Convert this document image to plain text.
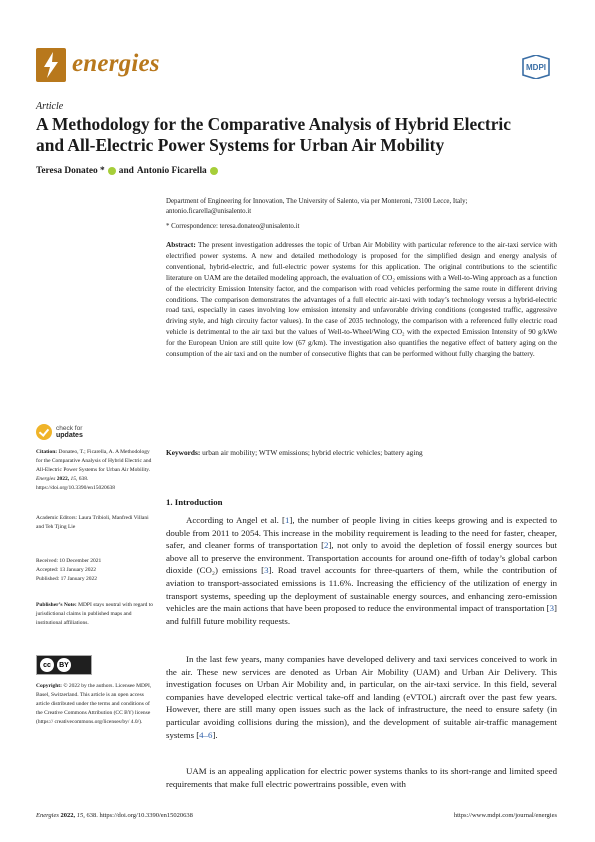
energies	MDPI
Article
A Methodology for the Comparative Analysis of Hybrid Electric
and All-Electric Power Systems for Urban Air Mobility
Teresa Donateo * and Antonio Ficarella
Department of Engineering for Innovation, The University of Salento, via per Monteroni, 73100 Lecce, Italy;
antonio.ficarella@unisalento.it
* Correspondence: teresa.donateo@unisalento.it
Abstract: The present investigation addresses the topic of Urban Air Mobility with particular reference to the air-taxi service with electrified power systems. A new and detailed methodology is proposed for the simplified design and energy analysis of conventional, hybrid-electric, and full-electric power systems for this application. The original contributions to the scientific literature on UAM are the detailed modeling approach, the evaluation of CO₂ emissions with a Well-to-Wing approach as a function of the electricity Emission Intensity factor, and the comparison with road vehicles performing the same route in different driving conditions. The comparison demonstrates the advantages of a full electric air-taxi with today’s technology versus a hybrid-electric road taxi, especially in cases involving low emission intensity and unfavorable driving conditions (congested traffic, aggressive driving style, and high circuity factor values). In the case of 2035 technology, the comparison with a referenced fully electric road vehicle is detrimental to the air taxi but the values of Well-to-Wheel/Wing CO₂ with the expected Emission Intensity of 90 g/kWe for the European Union are still quite low (67 g/km). The investigation also quantifies the negative effect of battery aging on the consumption of the air taxi and on the number of consecutive flights that can be performed without fully charging the battery.
Keywords: urban air mobility; WTW emissions; hybrid electric vehicles; battery aging
check for
updates
Citation: Donateo, T.; Ficarella, A. A Methodology for the Comparative Analysis of Hybrid Electric and All-Electric Power Systems for Urban Air Mobility. Energies 2022, 15, 638. https://doi.org/10.3390/en15020638
Academic Editors: Laura Tribioli, Manfredi Villani and Teh Tjing Lie
Received: 10 December 2021
Accepted: 13 January 2022
Published: 17 January 2022
Publisher’s Note: MDPI stays neutral with regard to jurisdictional claims in published maps and institutional affiliations.
cc	BY
Copyright: © 2022 by the authors. Licensee MDPI, Basel, Switzerland. This article is an open access article distributed under the terms and conditions of the Creative Commons Attribution (CC BY) license (https:// creativecommons.org/licenses/by/ 4.0/).
1. Introduction
According to Angel et al. [1], the number of people living in cities keeps growing and is expected to double from 2011 to 2054. This increase in the mobility requirement is leading to the need for faster, cheaper, safer, and cleaner forms of transportation [2], not only to avoid the depletion of fossil energy sources but above all to preserve the environment. Transportation accounts for around one-fifth of today’s global carbon dioxide (CO₂) emissions [3]. Road travel accounts for three-quarters of them, while the contribution of aviation to transport-associated emissions is 11.6%. Increasing the efficiency of the utilization of energy in transport systems, speeding up the deployment of sustainable energy sources, and enhancing zero-emission vehicles are the main actions that have been proposed to reduce the environmental impact of transportation [3] and fulfill future mobility requests.
In the last few years, many companies have developed delivery and taxi services conceived to work in the air. These new services are denoted as Urban Air Mobility (UAM) and Urban Air Delivery. This investigation focuses on Urban Air Mobility and, in particular, on the air-taxi service. In this field, several companies have developed electric vertical take-off and landing (eVTOL) aircraft over the past few years. However, there are still many open issues such as the lack of infrastructure, the need to ensure safety (in particular avoiding collisions during the mission), and the development of suitable air-traffic management systems [4–6].
UAM is an appealing application for electric power systems thanks to its short-range and limited speed requirements that make full electric powertrains possible, even with
Energies 2022, 15, 638. https://doi.org/10.3390/en15020638	https://www.mdpi.com/journal/energies
